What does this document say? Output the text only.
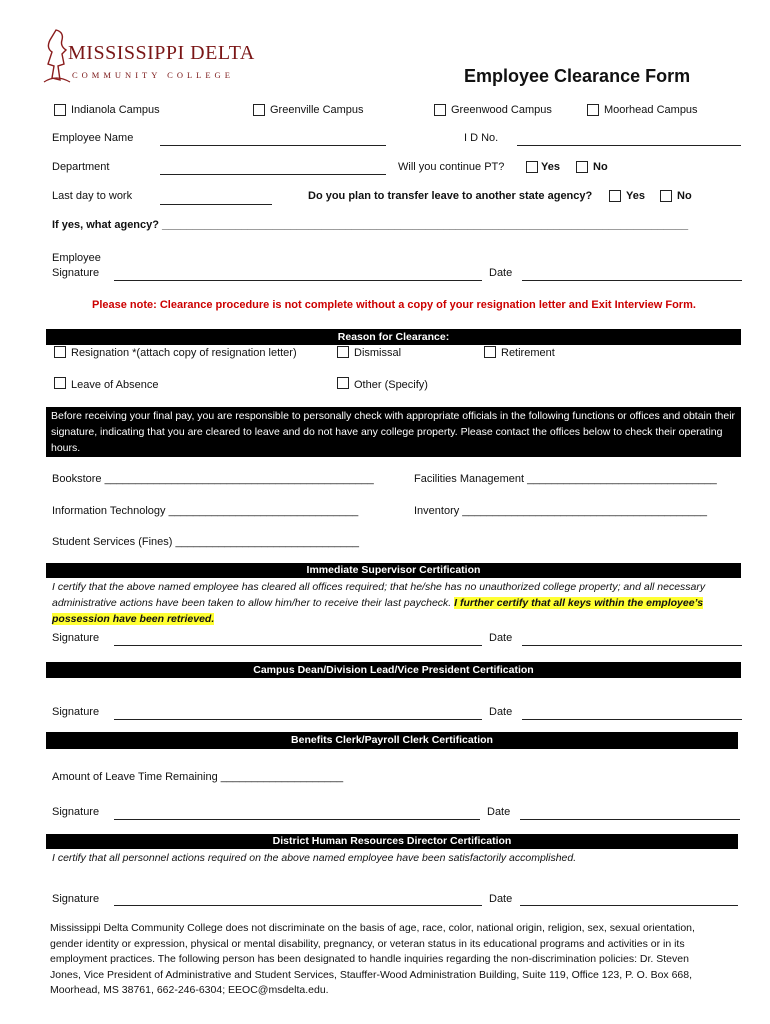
MISSISSIPPI DELTA
COMMUNITY COLLEGE	Employee Clearance Form
Indianola Campus	Greenville Campus	Greenwood Campus	Moorhead Campus
Employee Name	I D No.
Department	Will you continue PT?	Yes	No
Last day to work	Do you plan to transfer leave to another state agency?	Yes	No
If yes, what agency? ______________________________________________________________________________________
Employee
Signature	Date
Please note: Clearance procedure is not complete without a copy of your resignation letter and Exit Interview Form.
Reason for Clearance:
Resignation *(attach copy of resignation letter)	Dismissal	Retirement
Leave of Absence	Other (Specify)
Before receiving your final pay, you are responsible to personally check with appropriate officials in the following functions or offices and obtain their signature, indicating that you are cleared to leave and do not have any college property. Please contact the offices below to check their operating hours.
Bookstore ____________________________________________	Facilities Management _______________________________
Information Technology _______________________________	Inventory ________________________________________
Student Services (Fines) ______________________________
Immediate Supervisor Certification
I certify that the above named employee has cleared all offices required; that he/she has no unauthorized college property; and all necessary administrative actions have been taken to allow him/her to receive their last paycheck. I further certify that all keys within the employee’s possession have been retrieved.
Signature	Date
Campus Dean/Division Lead/Vice President Certification
Signature	Date
Benefits Clerk/Payroll Clerk Certification
Amount of Leave Time Remaining ____________________
Signature	Date
District Human Resources Director Certification
I certify that all personnel actions required on the above named employee have been satisfactorily accomplished.
Signature	Date
Mississippi Delta Community College does not discriminate on the basis of age, race, color, national origin, religion, sex, sexual orientation, gender identity or expression, physical or mental disability, pregnancy, or veteran status in its educational programs and activities or in its employment practices. The following person has been designated to handle inquiries regarding the non-discrimination policies: Dr. Steven Jones, Vice President of Administrative and Student Services, Stauffer-Wood Administration Building, Suite 119, Office 123, P. O. Box 668, Moorhead, MS 38761, 662-246-6304; EEOC@msdelta.edu.
